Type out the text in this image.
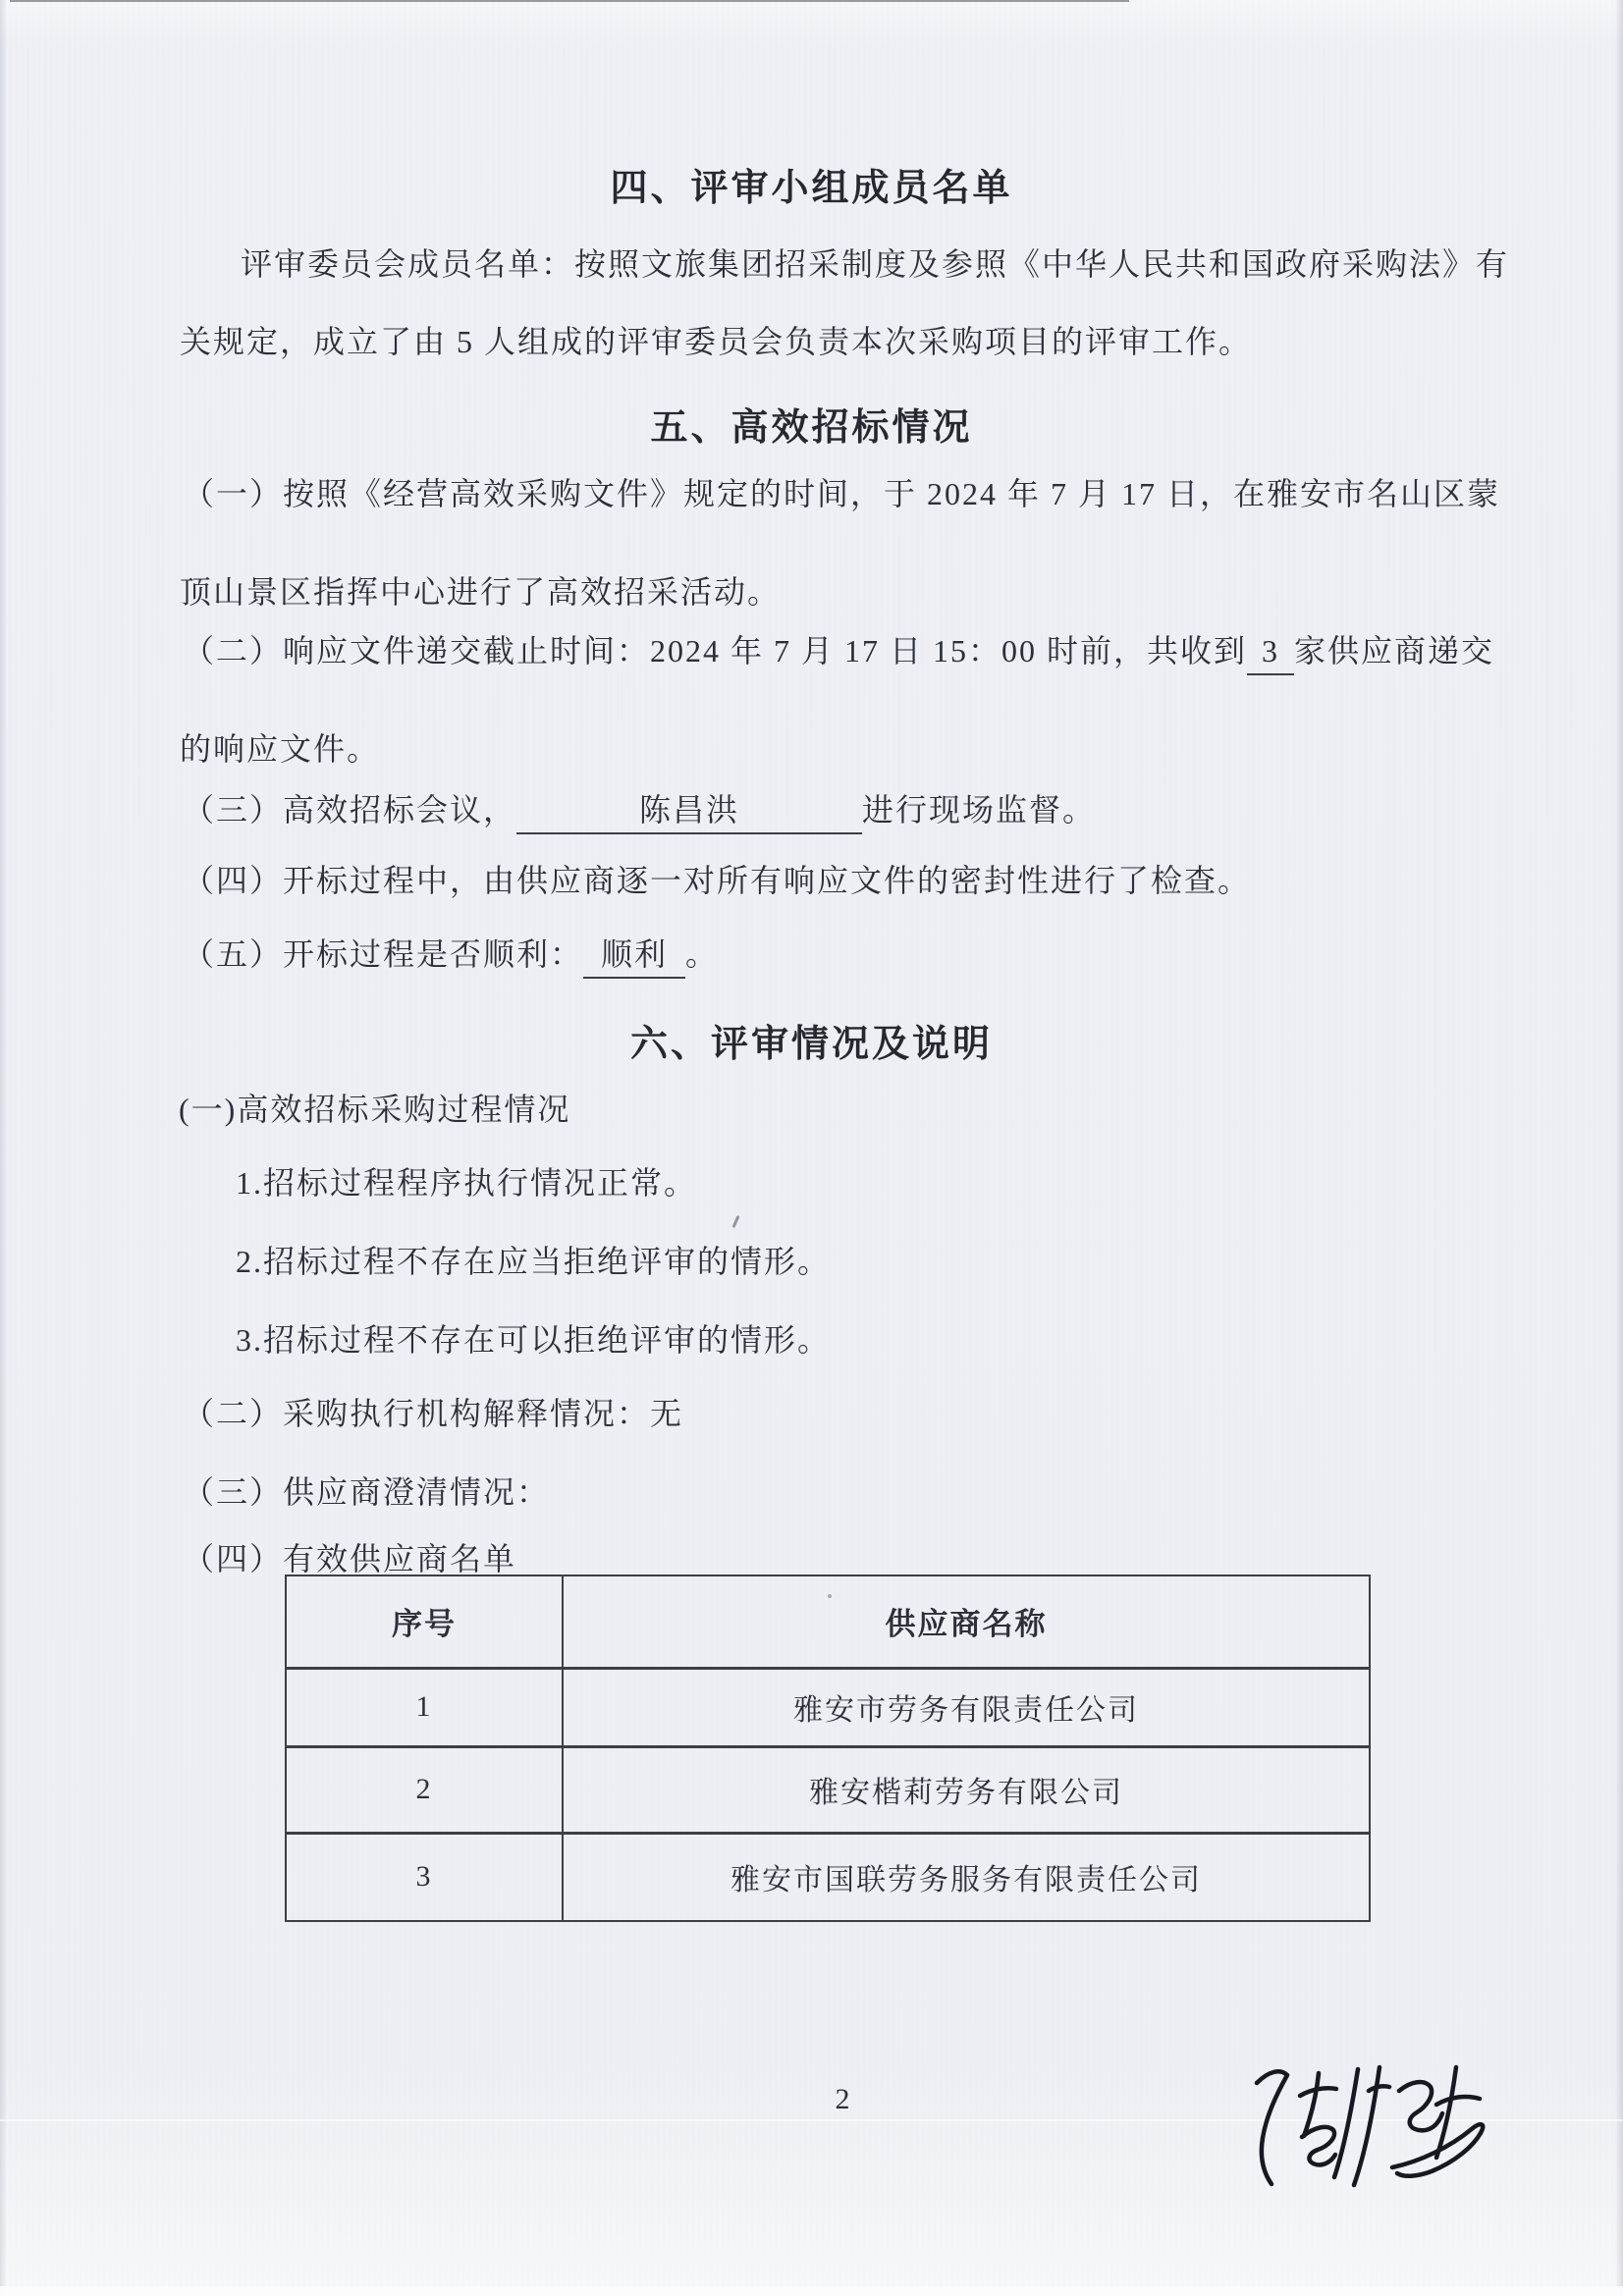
四、评审小组成员名单
评审委员会成员名单：按照文旅集团招采制度及参照《中华人民共和国政府采购法》有
关规定，成立了由 5 人组成的评审委员会负责本次采购项目的评审工作。
五、高效招标情况
（一）按照《经营高效采购文件》规定的时间，于 2024 年 7 月 17 日，在雅安市名山区蒙
顶山景区指挥中心进行了高效招采活动。
（二）响应文件递交截止时间：2024 年 7 月 17 日 15：00 时前，共收到 3 家供应商递交
的响应文件。
（三）高效招标会议，	陈昌洪	进行现场监督。
（四）开标过程中，由供应商逐一对所有响应文件的密封性进行了检查。
（五）开标过程是否顺利： 顺利 。
六、评审情况及说明
(一)高效招标采购过程情况
1.招标过程程序执行情况正常。
2.招标过程不存在应当拒绝评审的情形。
3.招标过程不存在可以拒绝评审的情形。
（二）采购执行机构解释情况：无
（三）供应商澄清情况：
（四）有效供应商名单
序号	供应商名称
1	雅安市劳务有限责任公司
2	雅安楷莉劳务有限公司
3	雅安市国联劳务服务有限责任公司
2
